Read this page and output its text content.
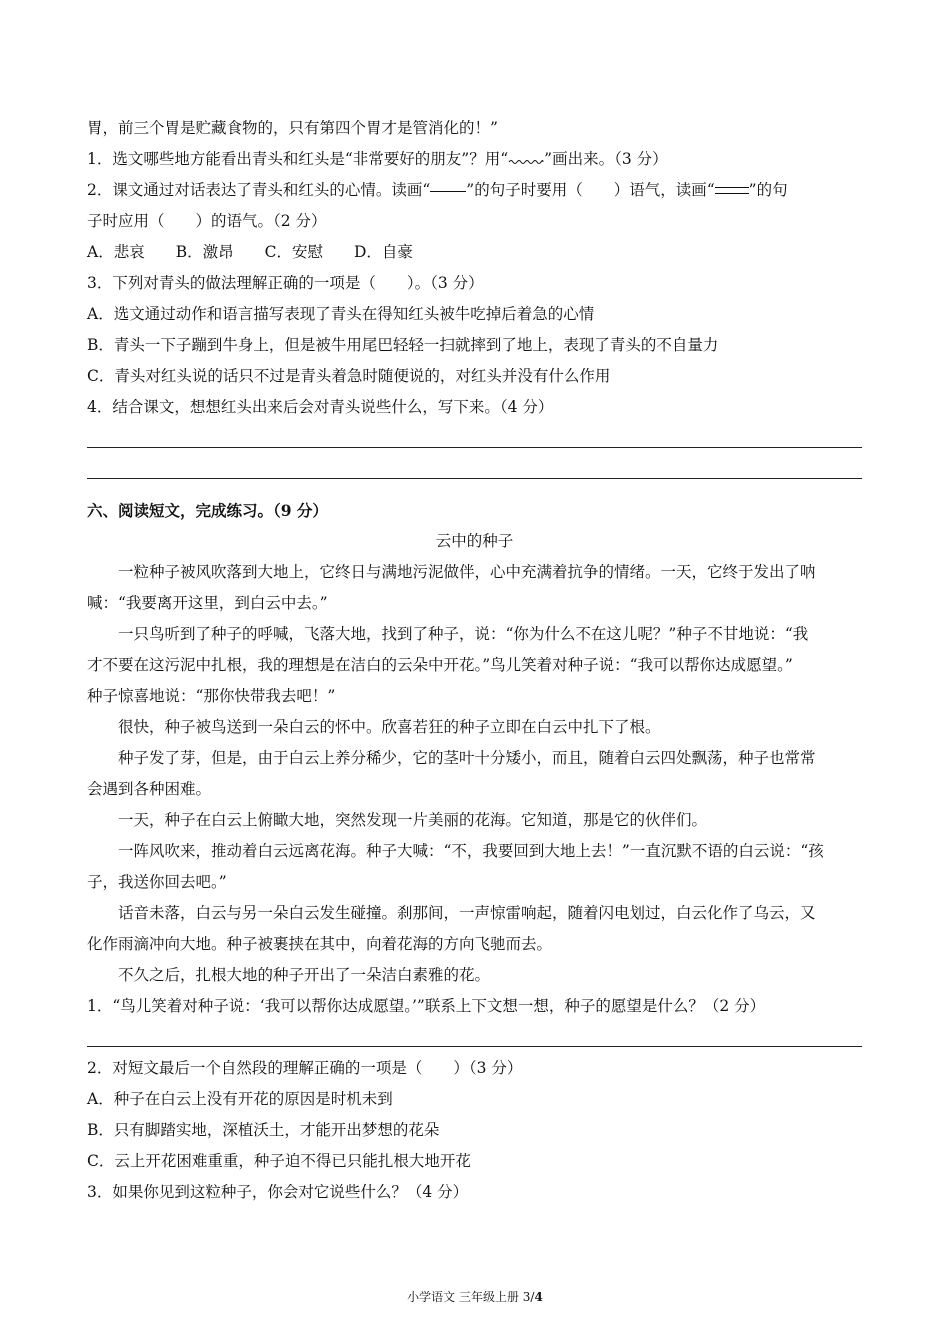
胃，前三个胃是贮藏食物的，只有第四个胃才是管消化的！”
1．选文哪些地方能看出青头和红头是“非常要好的朋友”？用“ ”画出来。（3 分）
2．课文通过对话表达了青头和红头的心情。读画“ ”的句子时要用（　　）语气，读画“ ”的句
子时应用（　　）的语气。（2 分）
A．悲哀　　B．激昂　　C．安慰　　D．自豪
3．下列对青头的做法理解正确的一项是（　　）。（3 分）
A．选文通过动作和语言描写表现了青头在得知红头被牛吃掉后着急的心情
B．青头一下子蹦到牛身上，但是被牛用尾巴轻轻一扫就摔到了地上，表现了青头的不自量力
C．青头对红头说的话只不过是青头着急时随便说的，对红头并没有什么作用
4．结合课文，想想红头出来后会对青头说些什么，写下来。（4 分）
六、阅读短文，完成练习。（9 分）
云中的种子
一粒种子被风吹落到大地上，它终日与满地污泥做伴，心中充满着抗争的情绪。一天，它终于发出了呐
喊：“我要离开这里，到白云中去。”
一只鸟听到了种子的呼喊，飞落大地，找到了种子，说：“你为什么不在这儿呢？”种子不甘地说：“我
才不要在这污泥中扎根，我的理想是在洁白的云朵中开花。”鸟儿笑着对种子说：“我可以帮你达成愿望。”
种子惊喜地说：“那你快带我去吧！”
很快，种子被鸟送到一朵白云的怀中。欣喜若狂的种子立即在白云中扎下了根。
种子发了芽，但是，由于白云上养分稀少，它的茎叶十分矮小，而且，随着白云四处飘荡，种子也常常
会遇到各种困难。
一天，种子在白云上俯瞰大地，突然发现一片美丽的花海。它知道，那是它的伙伴们。
一阵风吹来，推动着白云远离花海。种子大喊：“不，我要回到大地上去！”一直沉默不语的白云说：“孩
子，我送你回去吧。”
话音未落，白云与另一朵白云发生碰撞。刹那间，一声惊雷响起，随着闪电划过，白云化作了乌云，又
化作雨滴冲向大地。种子被裹挟在其中，向着花海的方向飞驰而去。
不久之后，扎根大地的种子开出了一朵洁白素雅的花。
1．“鸟儿笑着对种子说：‘我可以帮你达成愿望。’”联系上下文想一想，种子的愿望是什么？（2 分）
2．对短文最后一个自然段的理解正确的一项是（　　）（3 分）
A．种子在白云上没有开花的原因是时机未到
B．只有脚踏实地，深植沃土，才能开出梦想的花朵
C．云上开花困难重重，种子迫不得已只能扎根大地开花
3．如果你见到这粒种子，你会对它说些什么？（4 分）
小学语文 三年级上册 3/4
